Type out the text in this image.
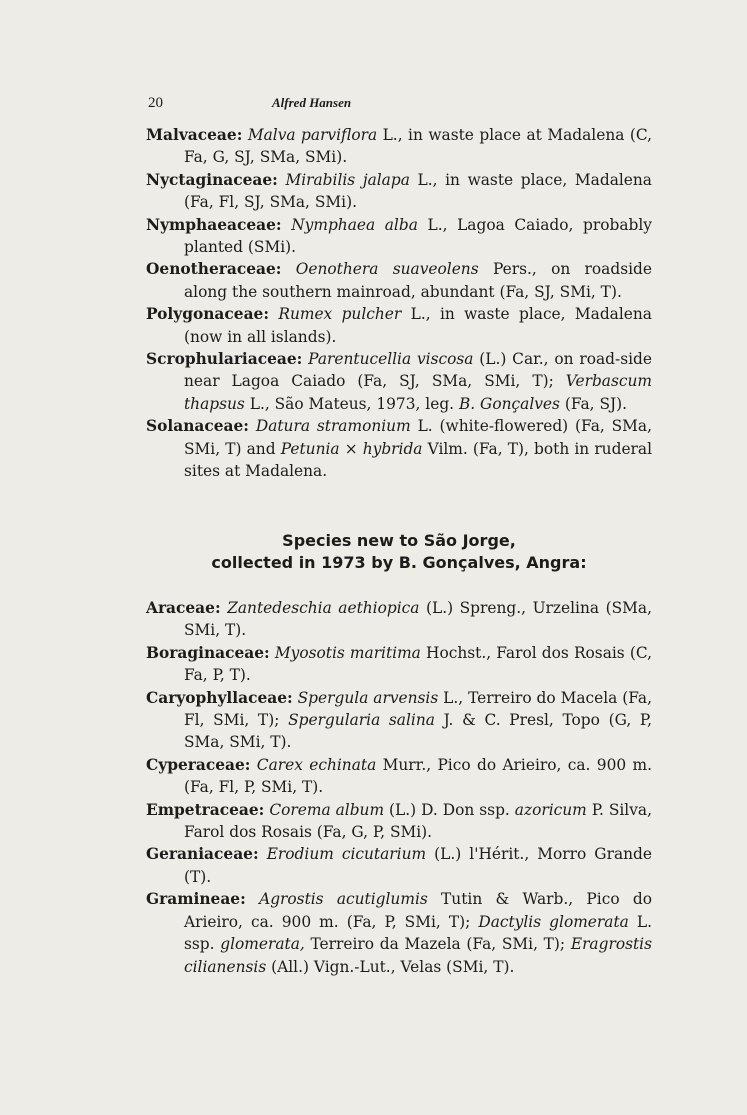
20	Alfred Hansen
Malvaceae: Malva parviflora L., in waste place at Madalena (C, Fa, G, SJ, SMa, SMi).
Nyctaginaceae: Mirabilis jalapa L., in waste place, Madalena (Fa, Fl, SJ, SMa, SMi).
Nymphaeaceae: Nymphaea alba L., Lagoa Caiado, probably planted (SMi).
Oenotheraceae: Oenothera suaveolens Pers., on roadside along the southern mainroad, abundant (Fa, SJ, SMi, T).
Polygonaceae: Rumex pulcher L., in waste place, Madalena (now in all islands).
Scrophulariaceae: Parentucellia viscosa (L.) Car., on road-side near Lagoa Caiado (Fa, SJ, SMa, SMi, T); Verbascum thapsus L., São Mateus, 1973, leg. B. Gonçalves (Fa, SJ).
Solanaceae: Datura stramonium L. (white-flowered) (Fa, SMa, SMi, T) and Petunia × hybrida Vilm. (Fa, T), both in ruderal sites at Madalena.
Species new to São Jorge,
collected in 1973 by B. Gonçalves, Angra:
Araceae: Zantedeschia aethiopica (L.) Spreng., Urzelina (SMa, SMi, T).
Boraginaceae: Myosotis maritima Hochst., Farol dos Rosais (C, Fa, P, T).
Caryophyllaceae: Spergula arvensis L., Terreiro do Macela (Fa, Fl, SMi, T); Spergularia salina J. & C. Presl, Topo (G, P, SMa, SMi, T).
Cyperaceae: Carex echinata Murr., Pico do Arieiro, ca. 900 m. (Fa, Fl, P, SMi, T).
Empetraceae: Corema album (L.) D. Don ssp. azoricum P. Silva, Farol dos Rosais (Fa, G, P, SMi).
Geraniaceae: Erodium cicutarium (L.) l'Hérit., Morro Grande (T).
Gramineae: Agrostis acutiglumis Tutin & Warb., Pico do Arieiro, ca. 900 m. (Fa, P, SMi, T); Dactylis glomerata L. ssp. glomerata, Terreiro da Mazela (Fa, SMi, T); Eragrostis cilianensis (All.) Vign.-Lut., Velas (SMi, T).
